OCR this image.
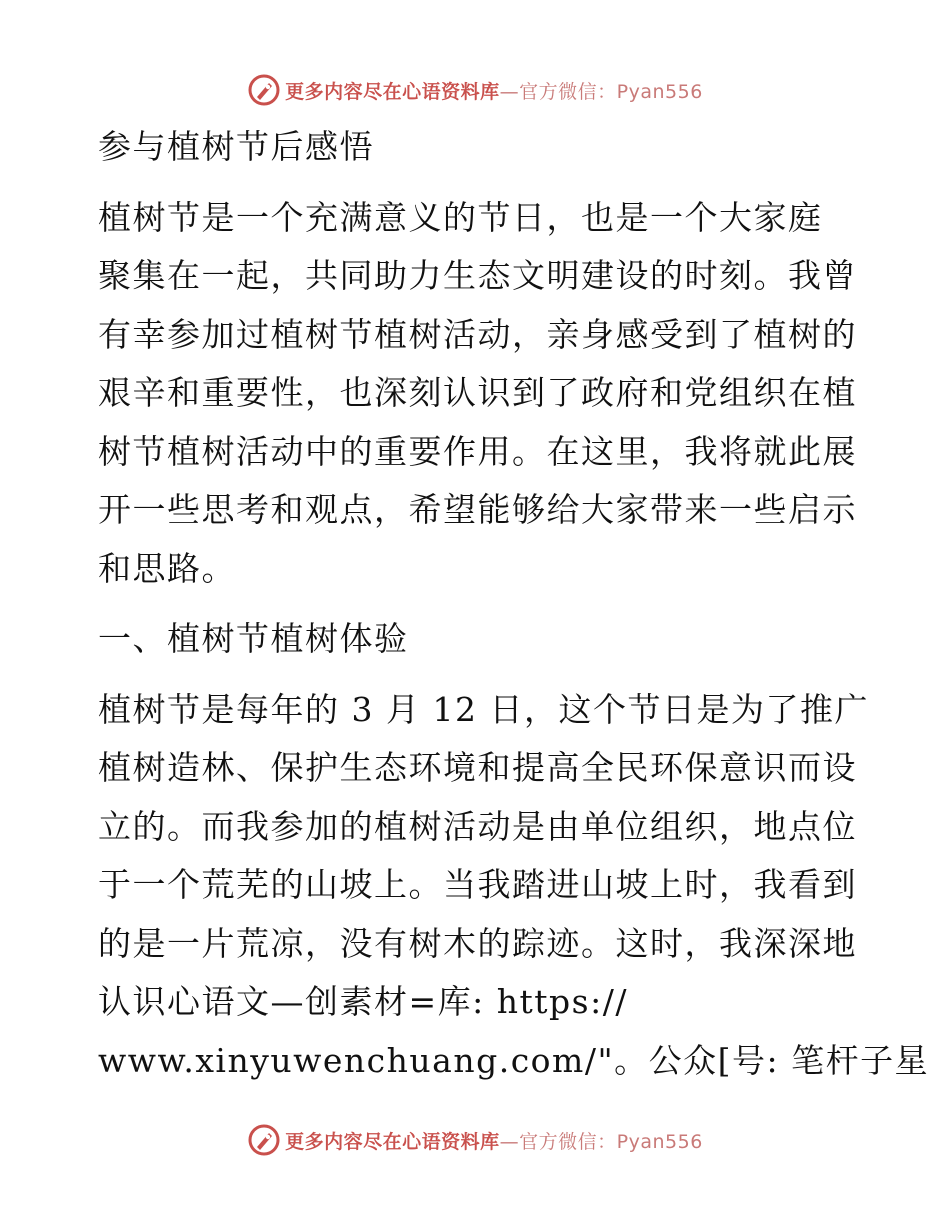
更多内容尽在心语资料库—官方微信：Pyan556
参与植树节后感悟
植树节是一个充满意义的节日，也是一个大家庭
聚集在一起，共同助力生态文明建设的时刻。我曾
有幸参加过植树节植树活动，亲身感受到了植树的
艰辛和重要性，也深刻认识到了政府和党组织在植
树节植树活动中的重要作用。在这里，我将就此展
开一些思考和观点，希望能够给大家带来一些启示
和思路。
一、植树节植树体验
植树节是每年的 3 月 12 日，这个节日是为了推广
植树造林、保护生态环境和提高全民环保意识而设
立的。而我参加的植树活动是由单位组织，地点位
于一个荒芜的山坡上。当我踏进山坡上时，我看到
的是一片荒凉，没有树木的踪迹。这时，我深深地
认识心语文—创素材=库: https://
www.xinyuwenchuang.com/"。公众[号: 笔杆子星
更多内容尽在心语资料库—官方微信：Pyan556
